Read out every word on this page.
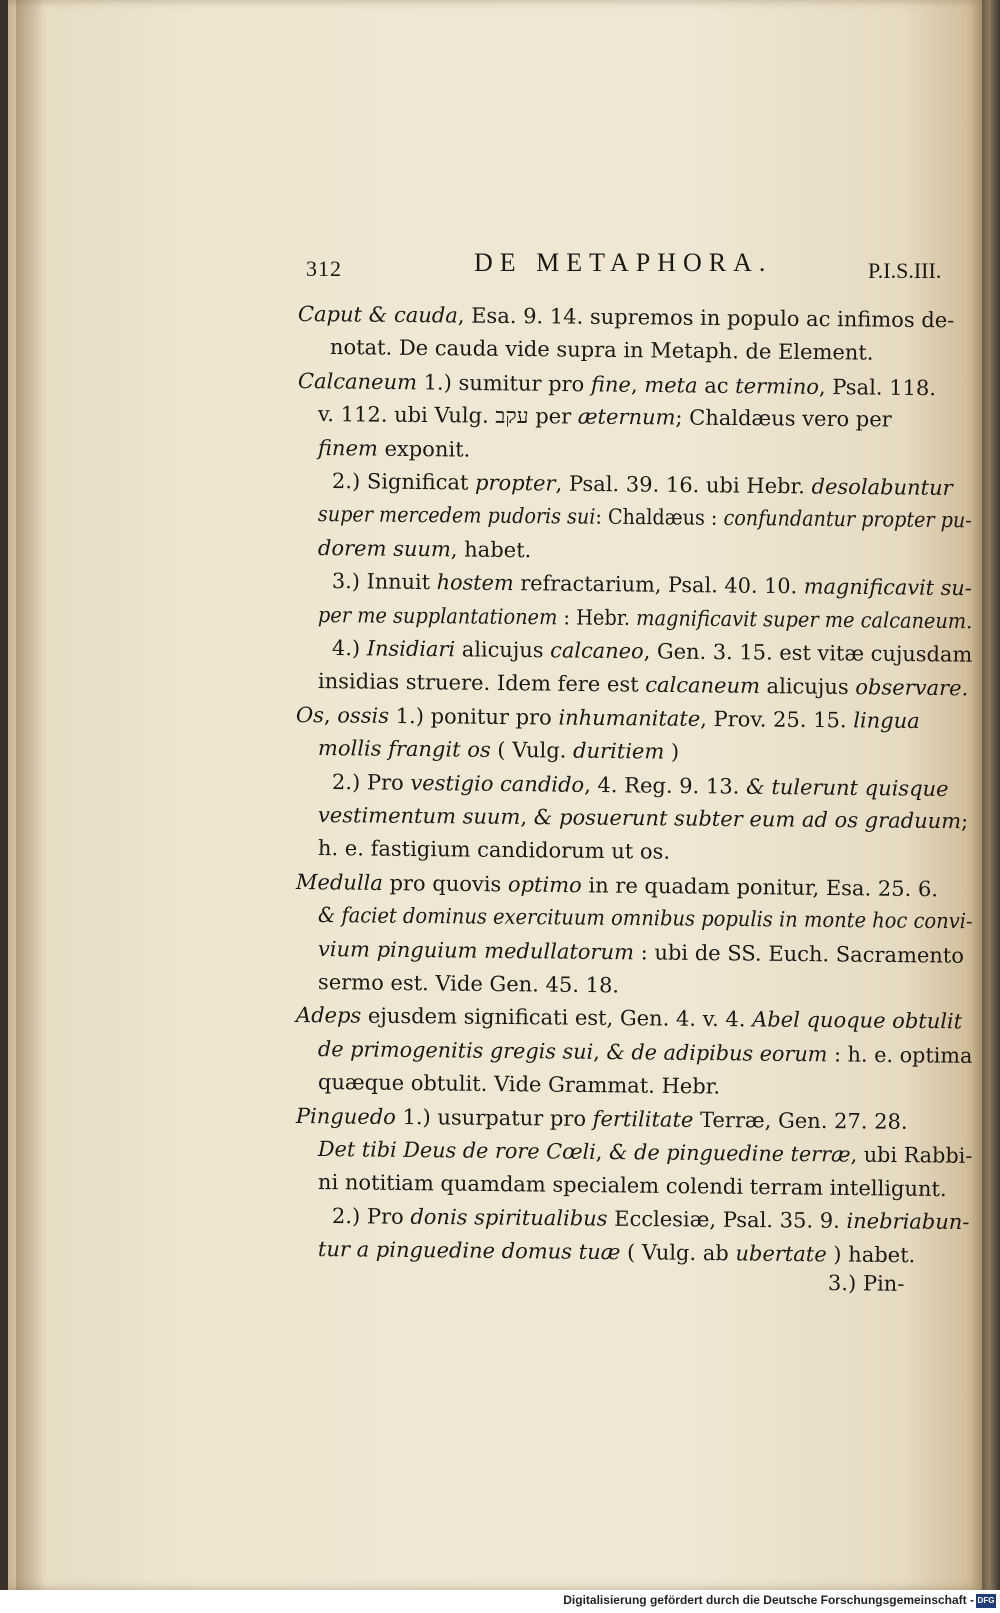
312	DE METAPHORA.	P.I.S.III.
Caput & cauda, Esa. 9. 14. supremos in populo ac infimos de-
notat. De cauda vide supra in Metaph. de Element.
Calcaneum 1.) sumitur pro fine, meta ac termino, Psal. 118.
v. 112. ubi Vulg. עקב per æternum; Chaldæus vero per
finem exponit.
2.) Significat propter, Psal. 39. 16. ubi Hebr. desolabuntur
super mercedem pudoris sui: Chaldæus : confundantur propter pu-
dorem suum, habet.
3.) Innuit hostem refractarium, Psal. 40. 10. magnificavit su-
per me supplantationem : Hebr. magnificavit super me calcaneum.
4.) Insidiari alicujus calcaneo, Gen. 3. 15. est vitæ cujusdam
insidias struere. Idem fere est calcaneum alicujus observare.
Os, ossis 1.) ponitur pro inhumanitate, Prov. 25. 15. lingua
mollis frangit os ( Vulg. duritiem )
2.) Pro vestigio candido, 4. Reg. 9. 13. & tulerunt quisque
vestimentum suum, & posuerunt subter eum ad os graduum;
h. e. fastigium candidorum ut os.
Medulla pro quovis optimo in re quadam ponitur, Esa. 25. 6.
& faciet dominus exercituum omnibus populis in monte hoc convi-
vium pinguium medullatorum : ubi de SS. Euch. Sacramento
sermo est. Vide Gen. 45. 18.
Adeps ejusdem significati est, Gen. 4. v. 4. Abel quoque obtulit
de primogenitis gregis sui, & de adipibus eorum : h. e. optima
quæque obtulit. Vide Grammat. Hebr.
Pinguedo 1.) usurpatur pro fertilitate Terræ, Gen. 27. 28.
Det tibi Deus de rore Cœli, & de pinguedine terræ, ubi Rabbi-
ni notitiam quamdam specialem colendi terram intelligunt.
2.) Pro donis spiritualibus Ecclesiæ, Psal. 35. 9. inebriabun-
tur a pinguedine domus tuæ ( Vulg. ab ubertate ) habet.
3.) Pin-
Digitalisierung gefördert durch die Deutsche Forschungsgemeinschaft - DFG
